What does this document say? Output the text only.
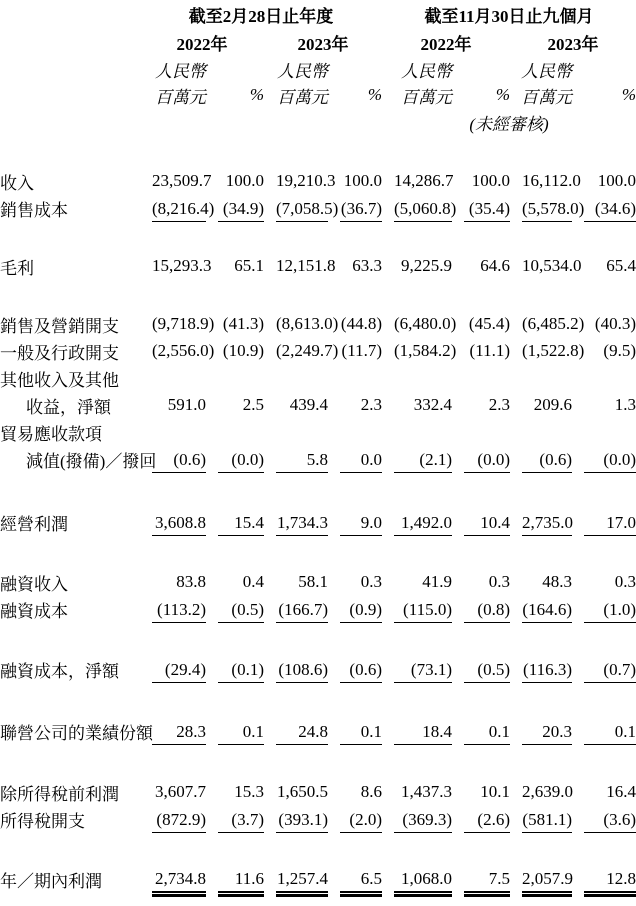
	截至2月28日止年度				截至11月30日止九個月			
	2022年		2023年		2022年		2023年	

	人民幣		人民幣		人民幣		人民幣	

	百萬元	%	百萬元	%	百萬元	%	百萬元	%

					(未經審核)			

收入	23,509.7	100.0	19,210.3	100.0	14,286.7	100.0	16,112.0	100.0

銷售成本	(8,216.4)	(34.9)	(7,058.5)	(36.7)	(5,060.8)	(35.4)	(5,578.0)	(34.6)

毛利	15,293.3	65.1	12,151.8	63.3	9,225.9	64.6	10,534.0	65.4

銷售及營銷開支	(9,718.9)	(41.3)	(8,613.0)	(44.8)	(6,480.0)	(45.4)	(6,485.2)	(40.3)

一般及行政開支	(2,556.0)	(10.9)	(2,249.7)	(11.7)	(1,584.2)	(11.1)	(1,522.8)	(9.5)

其他收入及其他	

收益，淨額	591.0	2.5	439.4	2.3	332.4	2.3	209.6	1.3

貿易應收款項	

減值(撥備)／撥回	(0.6)	(0.0)	5.8	0.0	(2.1)	(0.0)	(0.6)	(0.0)

經營利潤	3,608.8	15.4	1,734.3	9.0	1,492.0	10.4	2,735.0	17.0

融資收入	83.8	0.4	58.1	0.3	41.9	0.3	48.3	0.3

融資成本	(113.2)	(0.5)	(166.7)	(0.9)	(115.0)	(0.8)	(164.6)	(1.0)

融資成本，淨額	(29.4)	(0.1)	(108.6)	(0.6)	(73.1)	(0.5)	(116.3)	(0.7)

聯營公司的業績份額	28.3	0.1	24.8	0.1	18.4	0.1	20.3	0.1

除所得稅前利潤	3,607.7	15.3	1,650.5	8.6	1,437.3	10.1	2,639.0	16.4

所得稅開支	(872.9)	(3.7)	(393.1)	(2.0)	(369.3)	(2.6)	(581.1)	(3.6)

年／期內利潤	2,734.8	11.6	1,257.4	6.5	1,068.0	7.5	2,057.9	12.8
